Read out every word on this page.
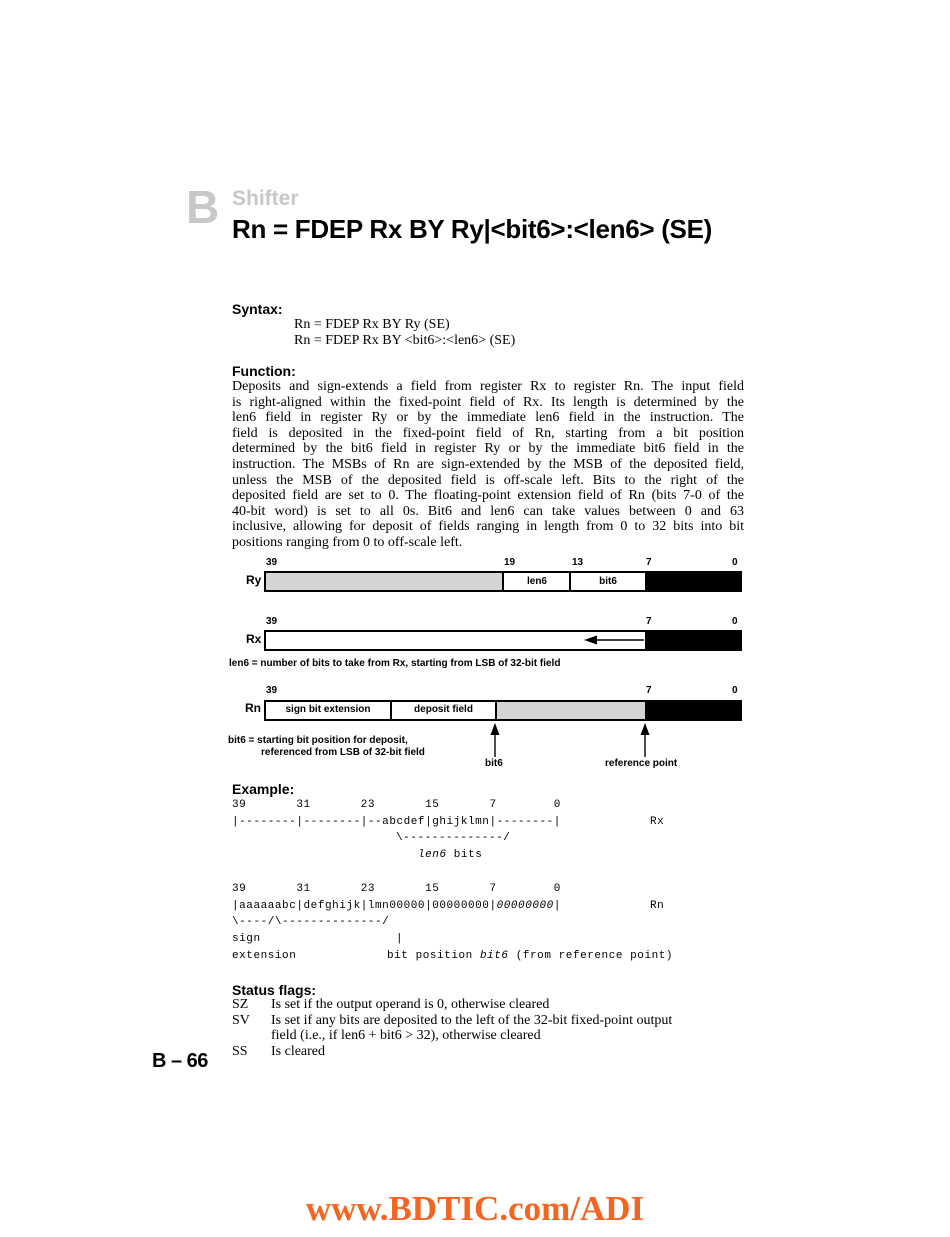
B Shifter
Rn = FDEP Rx BY Ry|<bit6>:<len6> (SE)
Syntax:
Rn = FDEP Rx BY Ry (SE)
Rn = FDEP Rx BY <bit6>:<len6> (SE)
Function:
Deposits and sign-extends a field from register Rx to register Rn. The input field
is right-aligned within the fixed-point field of Rx. Its length is determined by the
len6 field in register Ry or by the immediate len6 field in the instruction. The
field is deposited in the fixed-point field of Rn, starting from a bit position
determined by the bit6 field in register Ry or by the immediate bit6 field in the
instruction. The MSBs of Rn are sign-extended by the MSB of the deposited field,
unless the MSB of the deposited field is off-scale left. Bits to the right of the
deposited field are set to 0. The floating-point extension field of Rn (bits 7-0 of the
40-bit word) is set to all 0s. Bit6 and len6 can take values between 0 and 63
inclusive, allowing for deposit of fields ranging in length from 0 to 32 bits into bit
positions ranging from 0 to off-scale left.
39	19	13	7	0
Ry	len6	bit6
39	7	0
Rx
len6 = number of bits to take from Rx, starting from LSB of 32-bit field
39	7	0
Rn	sign bit extension	deposit field
bit6 = starting bit position for deposit,
referenced from LSB of 32-bit field
bit6	reference point
Example:
39       31       23       15       7        0
|--------|--------|--abcdef|ghijklmn|--------|	Rx
\--------------/
len6 bits
39       31       23       15       7        0
|aaaaaabc|defghijk|lmn00000|00000000|00000000|	Rn
\----/\--------------/
sign	|
extension	bit position bit6 (from reference point)
Status flags:
SZ Is set if the output operand is 0, otherwise cleared
SV Is set if any bits are deposited to the left of the 32-bit fixed-point output
field (i.e., if len6 + bit6 > 32), otherwise cleared
SS Is cleared
B – 66
www.BDTIC.com/ADI
